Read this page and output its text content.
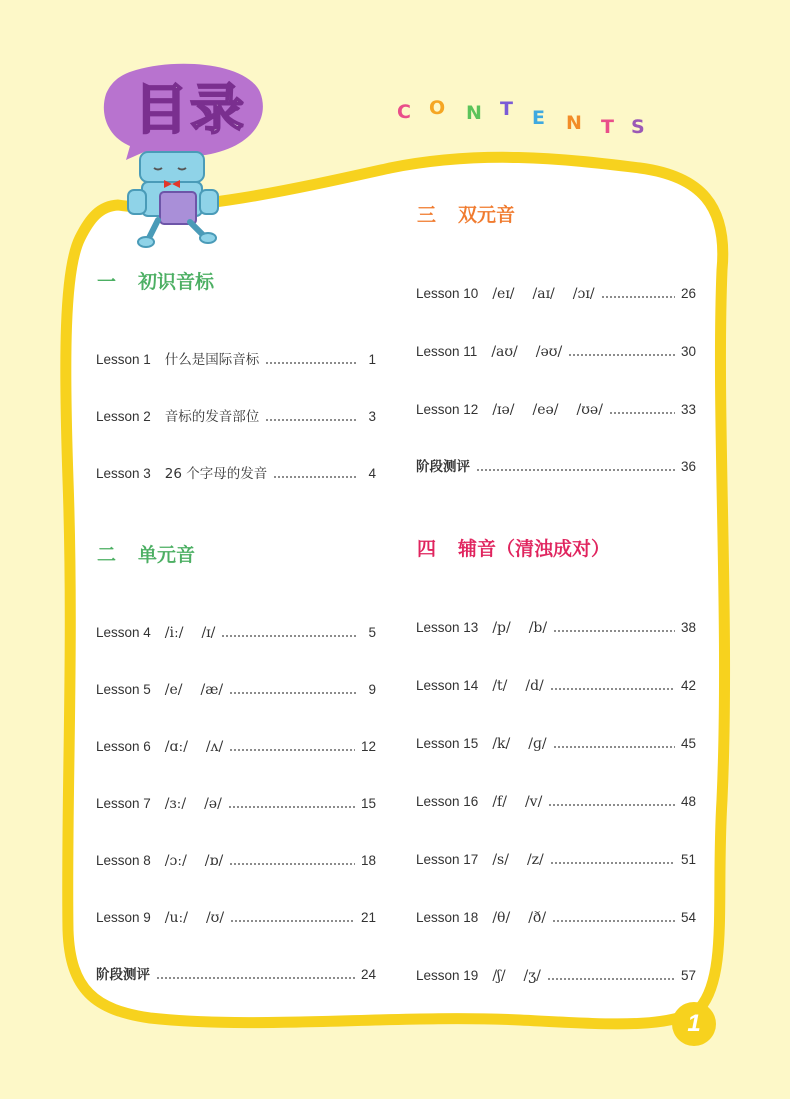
目录	C O N T E N T S
一 初识音标
Lesson 1 什么是国际音标	1
Lesson 2 音标的发音部位	3
Lesson 3 26 个字母的发音	4
二 单元音
Lesson 4 /iː/ /ɪ/	5
Lesson 5 /e/ /æ/	9
Lesson 6 /ɑː/ /ʌ/	12
Lesson 7 /ɜː/ /ə/	15
Lesson 8 /ɔː/ /ɒ/	18
Lesson 9 /uː/ /ʊ/	21
阶段测评	24
三 双元音
Lesson 10 /eɪ/ /aɪ/ /ɔɪ/	26
Lesson 11 /aʊ/ /əʊ/	30
Lesson 12 /ɪə/ /eə/ /ʊə/	33
阶段测评	36
四 辅音（清浊成对）
Lesson 13 /p/ /b/	38
Lesson 14 /t/ /d/	42
Lesson 15 /k/ /ɡ/	45
Lesson 16 /f/ /v/	48
Lesson 17 /s/ /z/	51
Lesson 18 /θ/ /ð/	54
Lesson 19 /ʃ/ /ʒ/	57
1
